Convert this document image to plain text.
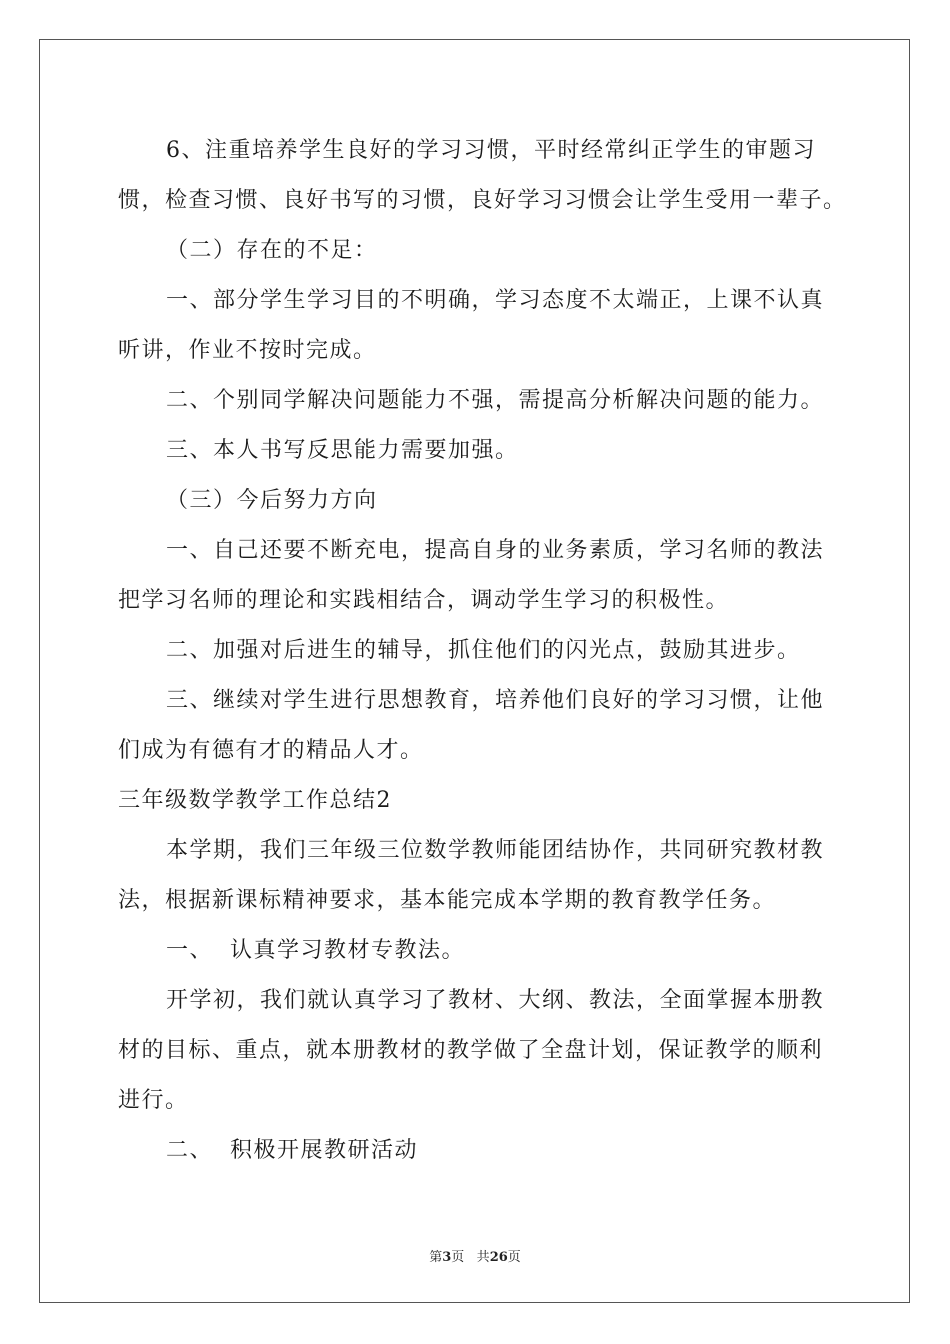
6、注重培养学生良好的学习习惯，平时经常纠正学生的审题习
惯，检查习惯、良好书写的习惯，良好学习习惯会让学生受用一辈子。
（二）存在的不足：
一、部分学生学习目的不明确，学习态度不太端正，上课不认真
听讲，作业不按时完成。
二、个别同学解决问题能力不强，需提高分析解决问题的能力。
三、本人书写反思能力需要加强。
（三）今后努力方向
一、自己还要不断充电，提高自身的业务素质，学习名师的教法
把学习名师的理论和实践相结合，调动学生学习的积极性。
二、加强对后进生的辅导，抓住他们的闪光点，鼓励其进步。
三、继续对学生进行思想教育，培养他们良好的学习习惯，让他
们成为有德有才的精品人才。
三年级数学教学工作总结2
本学期，我们三年级三位数学教师能团结协作，共同研究教材教
法，根据新课标精神要求，基本能完成本学期的教育教学任务。
一、  认真学习教材专教法。
开学初，我们就认真学习了教材、大纲、教法，全面掌握本册教
材的目标、重点，就本册教材的教学做了全盘计划，保证教学的顺利
进行。
二、  积极开展教研活动
第3页 共26页
